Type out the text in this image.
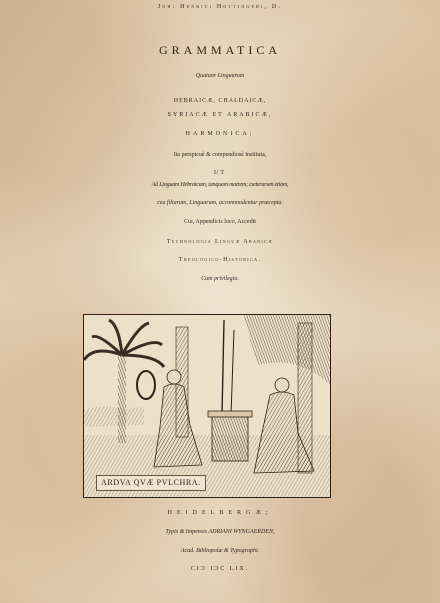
Joh: Henrici Hottingeri, D.
GRAMMATICA
Quatuor Linguarum
HEBRAICÆ, CHALDAICÆ,
SYRIACÆ ET ARABICÆ,
HARMONICA;
Ita perspicuè & compendiosè instituta,
UT
Ad Linguam Hebraicam, tanquam matrem; cæterarum etiam,
ceu filiarum, Linguarum, accommodentur præcepta.
Cui, Appendicis loco, Accedit
Technologia Linguæ Arabicæ
Theologico-Historica.
Cum privilegio.
ARDVA QVÆ PVLCHRA.
HEIDELBERGÆ;
Typis & Impensis ADRIANI WYNGAERDEN,
Acad. Bibliopolæ & Typographi.
CIƆ IƆC LIX.
